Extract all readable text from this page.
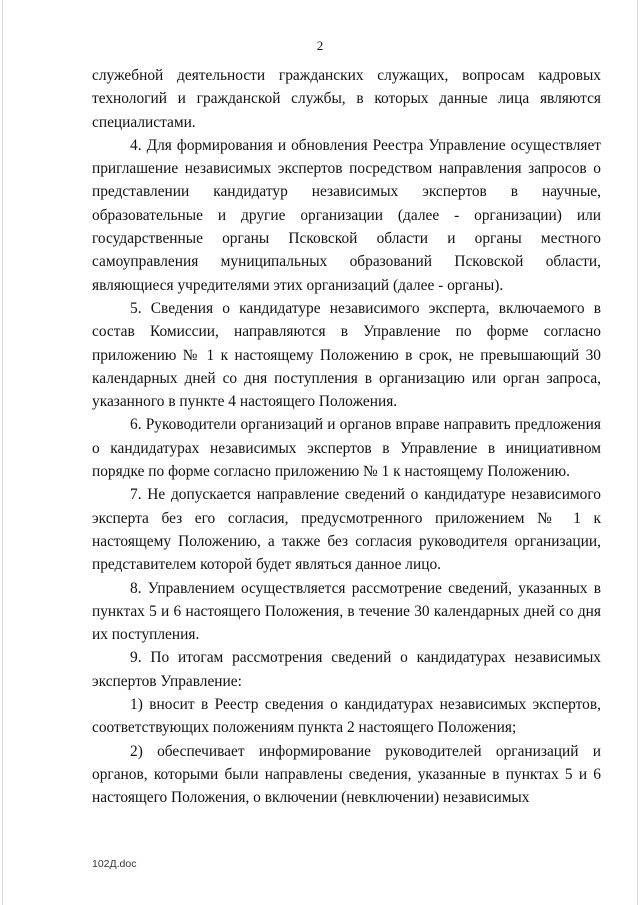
2

служебной деятельности гражданских служащих, вопросам кадровых технологий и гражданской службы, в которых данные лица являются специалистами.

4. Для формирования и обновления Реестра Управление осуществляет приглашение независимых экспертов посредством направления запросов о представлении кандидатур независимых экспертов в научные, образовательные и другие организации (далее - организации) или государственные органы Псковской области и органы местного самоуправления муниципальных образований Псковской области, являющиеся учредителями этих организаций (далее - органы).

5. Сведения о кандидатуре независимого эксперта, включаемого в состав Комиссии, направляются в Управление по форме согласно приложению № 1 к настоящему Положению в срок, не превышающий 30 календарных дней со дня поступления в организацию или орган запроса, указанного в пункте 4 настоящего Положения.

6. Руководители организаций и органов вправе направить предложения о кандидатурах независимых экспертов в Управление в инициативном порядке по форме согласно приложению № 1 к настоящему Положению.

7. Не допускается направление сведений о кандидатуре независимого эксперта без его согласия, предусмотренного приложением № 1 к настоящему Положению, а также без согласия руководителя организации, представителем которой будет являться данное лицо.

8. Управлением осуществляется рассмотрение сведений, указанных в пунктах 5 и 6 настоящего Положения, в течение 30 календарных дней со дня их поступления.

9. По итогам рассмотрения сведений о кандидатурах независимых экспертов Управление:

1) вносит в Реестр сведения о кандидатурах независимых экспертов, соответствующих положениям пункта 2 настоящего Положения;

2) обеспечивает информирование руководителей организаций и органов, которыми были направлены сведения, указанные в пунктах 5 и 6 настоящего Положения, о включении (невключении) независимых

102Д.doc
